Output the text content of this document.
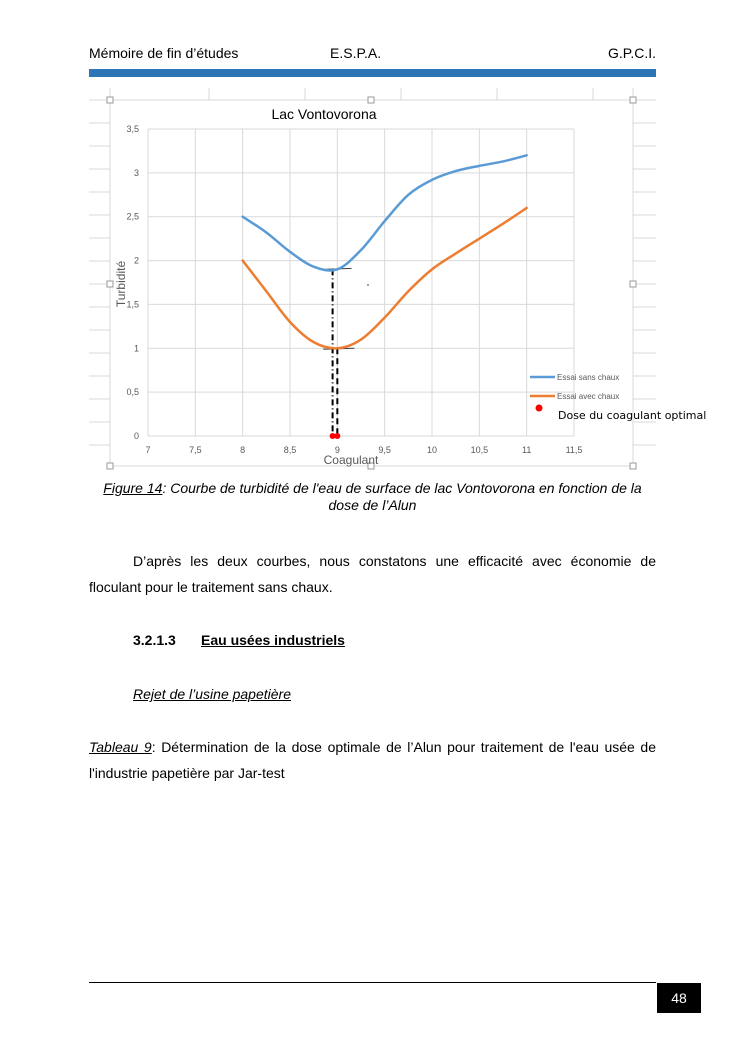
Mémoire de fin d’études	E.S.P.A.	G.P.C.I.
7	7,5	8	8,5	9	9,5	10	10,5	11	11,5
0
0,5
1
1,5
2
2,5
3
3,5
Lac Vontovorona
Coagulant
Turbidité
Essai sans chaux
Essai avec chaux
Dose du coagulant optimal
Figure 14: Courbe de turbidité de l'eau de surface de lac Vontovorona en fonction de la dose de l’Alun
D’après les deux courbes, nous constatons une efficacité avec économie de floculant pour le traitement sans chaux.
3.2.1.3 Eau usées industriels
Rejet de l’usine papetière
Tableau 9: Détermination de la dose optimale de l’Alun pour traitement de l'eau usée de l'industrie papetière par Jar-test
48
